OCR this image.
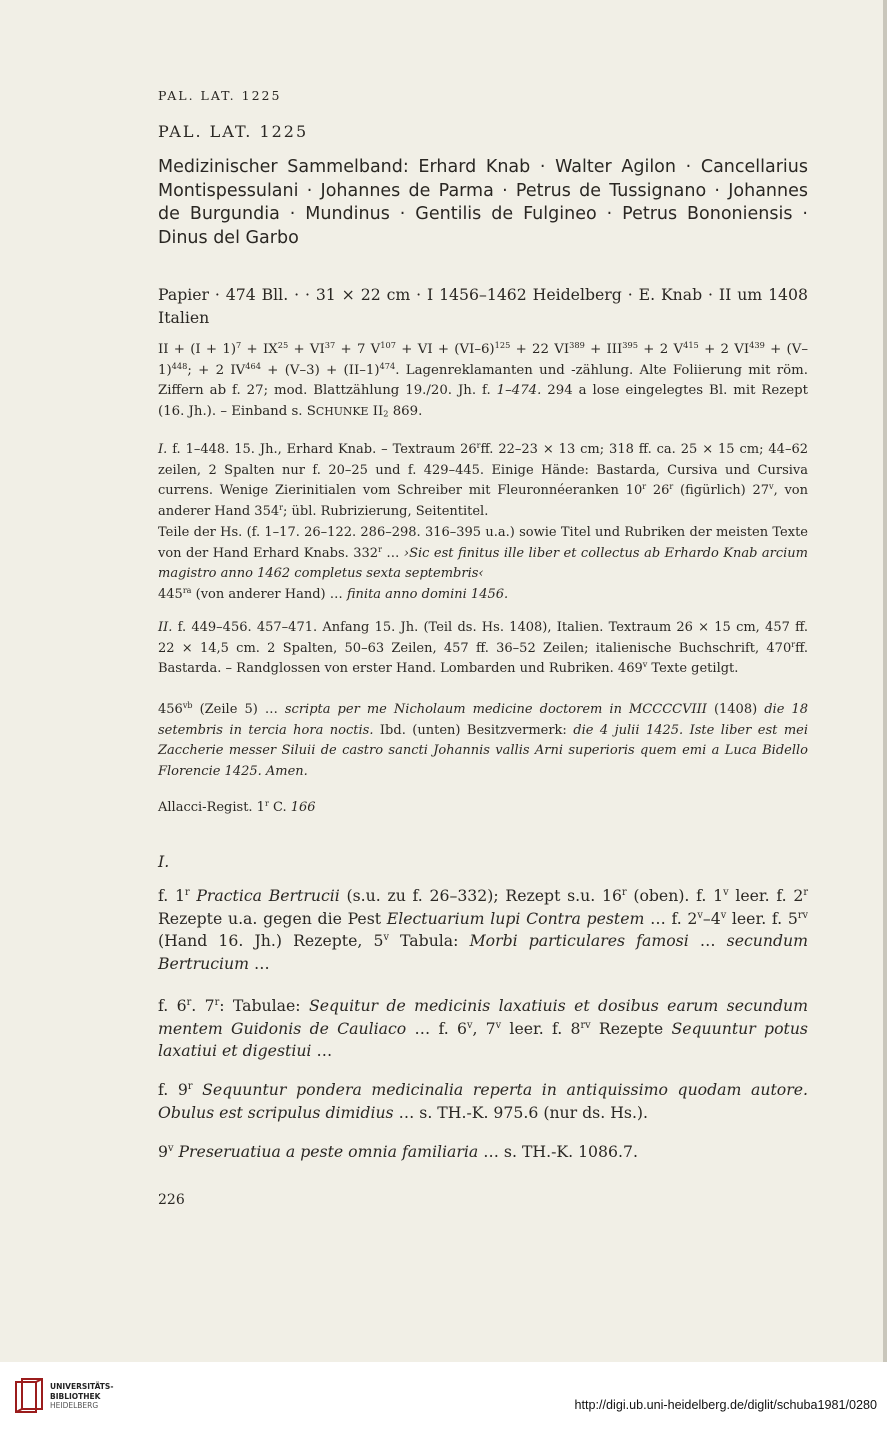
PAL. LAT. 1225
PAL. LAT. 1225
Medizinischer Sammelband: Erhard Knab · Walter Agilon · Cancellarius Montispessulani · Johannes de Parma · Petrus de Tussignano · Johannes de Burgundia · Mundinus · Gentilis de Fulgineo · Petrus Bononiensis · Dinus del Garbo
Papier · 474 Bll. · · 31 × 22 cm · I 1456–1462 Heidelberg · E. Knab · II um 1408 Italien
II + $(I + 1)^7 + IX^{25} + VI^{37} + 7$ $V^{107}$ + VI + $(VI-6)^{125} + 22$ $VI^{389} + III^{395} + 2$ $V^{415} + 2$ $VI^{439} + (V-1)^{448}$; + 2 $IV^{464} + (V-3) + (II-1)^{474}$. Lagenreklamanten und -zählung. Alte Foliierung mit röm. Ziffern ab f. 27; mod. Blattzählung 19./20. Jh. f. 1–474. 294 a lose eingelegtes Bl. mit Rezept (16. Jh.). – Einband s. SCHUNKE $II_2$ 869.
I. f. 1–448. 15. Jh., Erhard Knab. – Textraum 26$^r$ff. 22–23 × 13 cm; 318 ff. ca. 25 × 15 cm; 44–62 zeilen, 2 Spalten nur f. 20–25 und f. 429–445. Einige Hände: Bastarda, Cursiva und Cursiva currens. Wenige Zierinitialen vom Schreiber mit Fleuronnéeranken 10$^r$ 26$^r$ (figürlich) 27$^v$, von anderer Hand 354$^r$; übl. Rubrizierung, Seitentitel.
Teile der Hs. (f. 1–17. 26–122. 286–298. 316–395 u.a.) sowie Titel und Rubriken der meisten Texte von der Hand Erhard Knabs. 332$^r$ … ›Sic est finitus ille liber et collectus ab Erhardo Knab arcium magistro anno 1462 completus sexta septembris‹
$445^{ra}$ (von anderer Hand) … finita anno domini 1456.
II. f. 449–456. 457–471. Anfang 15. Jh. (Teil ds. Hs. 1408), Italien. Textraum 26 × 15 cm, 457 ff. 22 × 14,5 cm. 2 Spalten, 50–63 Zeilen, 457 ff. 36–52 Zeilen; italienische Buchschrift, 470$^r$ff. Bastarda. – Randglossen von erster Hand. Lombarden und Rubriken. 469$^v$ Texte getilgt.
$456^{vb}$ (Zeile 5) … scripta per me Nicholaum medicine doctorem in MCCCCVIII (1408) die 18 setembris in tercia hora noctis. Ibd. (unten) Besitzvermerk: die 4 julii 1425. Iste liber est mei Zaccherie messer Siluii de castro sancti Johannis vallis Arni superioris quem emi a Luca Bidello Florencie 1425. Amen.
Allacci-Regist. 1$^r$ C. 166
I.
f. 1$^r$ Practica Bertrucii (s.u. zu f. 26–332); Rezept s.u. 16$^r$ (oben). f. 1$^v$ leer. f. 2$^r$ Rezepte u.a. gegen die Pest Electuarium lupi Contra pestem … f. 2$^v$–4$^v$ leer. f. $5^{rv}$ (Hand 16. Jh.) Rezepte, 5$^v$ Tabula: Morbi particulares famosi … secundum Bertrucium …
f. 6$^r$. 7$^r$: Tabulae: Sequitur de medicinis laxatiuis et dosibus earum secundum mentem Guidonis de Cauliaco … f. 6$^v$, 7$^v$ leer. f. $8^{rv}$ Rezepte Sequuntur potus laxatiui et digestiui …
f. 9$^r$ Sequuntur pondera medicinalia reperta in antiquissimo quodam autore. Obulus est scripulus dimidius … s. TH.-K. 975.6 (nur ds. Hs.).
9$^v$ Preseruatiua a peste omnia familiaria … s. TH.-K. 1086.7.
226
UNIVERSITÄTS-
BIBLIOTHEK
HEIDELBERG	http://digi.ub.uni-heidelberg.de/diglit/schuba1981/0280
